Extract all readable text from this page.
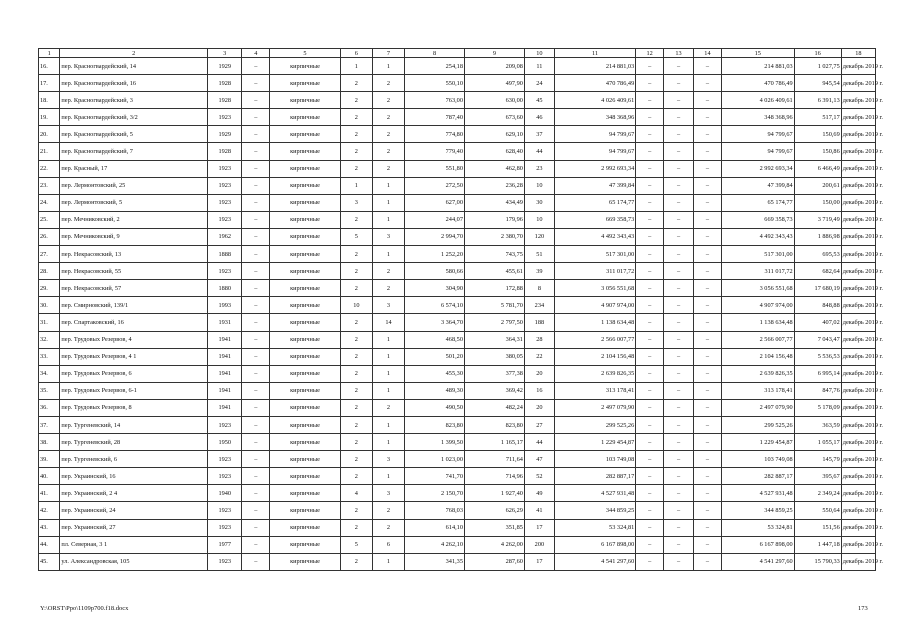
1	2	3	4	5	6	7	8	9	10	11	12	13	14	15	16	18
16.	пер. Красногвардейский, 14	1929	–	кирпичные	1	1	254,18	209,08	11	214 881,03	–	–	–	214 881,03	1 027,75	декабрь 2019 г.
17.	пер. Красногвардейский, 16	1928	–	кирпичные	2	2	550,10	497,90	24	470 786,49	–	–	–	470 786,49	945,54	декабрь 2019 г.
18.	пер. Красногвардейский, 3	1928	–	кирпичные	2	2	763,00	630,00	45	4 026 409,61	–	–	–	4 026 409,61	6 391,13	декабрь 2019 г.
19.	пер. Красногвардейский, 3/2	1923	–	кирпичные	2	2	787,40	673,60	46	348 368,96	–	–	–	348 368,96	517,17	декабрь 2019 г.
20.	пер. Красногвардейский, 5	1929	–	кирпичные	2	2	774,80	629,10	37	94 799,67	–	–	–	94 799,67	150,69	декабрь 2019 г.
21.	пер. Красногвардейский, 7	1928	–	кирпичные	2	2	779,40	628,40	44	94 799,67	–	–	–	94 799,67	150,86	декабрь 2019 г.
22.	пер. Красный, 17	1923	–	кирпичные	2	2	551,80	462,80	23	2 992 693,34	–	–	–	2 992 693,34	6 466,49	декабрь 2019 г.
23.	пер. Лермонтовский, 25	1923	–	кирпичные	1	1	272,50	236,28	10	47 399,84	–	–	–	47 399,84	200,61	декабрь 2019 г.
24.	пер. Лермонтовский, 5	1923	–	кирпичные	3	1	627,00	434,49	30	65 174,77	–	–	–	65 174,77	150,00	декабрь 2019 г.
25.	пер. Мечниковский, 2	1923	–	кирпичные	2	1	244,07	179,96	10	669 358,73	–	–	–	669 358,73	3 719,49	декабрь 2019 г.
26.	пер. Мечниковский, 9	1962	–	кирпичные	5	3	2 994,70	2 380,70	120	4 492 343,43	–	–	–	4 492 343,43	1 886,98	декабрь 2019 г.
27.	пер. Некрасовский, 13	1888	–	кирпичные	2	1	1 252,20	743,75	51	517 301,00	–	–	–	517 301,00	695,53	декабрь 2019 г.
28.	пер. Некрасовский, 55	1923	–	кирпичные	2	2	580,66	455,61	39	311 017,72	–	–	–	311 017,72	682,64	декабрь 2019 г.
29.	пер. Некрасовский, 57	1880	–	кирпичные	2	2	304,90	172,88	8	3 056 551,68	–	–	–	3 056 551,68	17 680,19	декабрь 2019 г.
30.	пер. Смирновский, 139/1	1993	–	кирпичные	10	3	6 574,10	5 781,70	234	4 907 974,00	–	–	–	4 907 974,00	848,88	декабрь 2019 г.
31.	пер. Спартаковский, 16	1931	–	кирпичные	2	14	3 364,70	2 797,50	188	1 138 634,48	–	–	–	1 138 634,48	407,02	декабрь 2019 г.
32.	пер. Трудовых Резервов, 4	1941	–	кирпичные	2	1	468,50	364,31	28	2 566 007,77	–	–	–	2 566 007,77	7 043,47	декабрь 2019 г.
33.	пер. Трудовых Резервов, 4 1	1941	–	кирпичные	2	1	501,20	380,05	22	2 104 156,48	–	–	–	2 104 156,48	5 536,53	декабрь 2019 г.
34.	пер. Трудовых Резервов, 6	1941	–	кирпичные	2	1	455,30	377,38	20	2 639 826,35	–	–	–	2 639 826,35	6 995,14	декабрь 2019 г.
35.	пер. Трудовых Резервов, 6-1	1941	–	кирпичные	2	1	489,30	369,42	16	313 178,41	–	–	–	313 178,41	847,76	декабрь 2019 г.
36.	пер. Трудовых Резервов, 8	1941	–	кирпичные	2	2	490,50	482,24	20	2 497 079,90	–	–	–	2 497 079,90	5 178,09	декабрь 2019 г.
37.	пер. Тургеневский, 14	1923	–	кирпичные	2	1	823,80	823,80	27	299 525,26	–	–	–	299 525,26	363,59	декабрь 2019 г.
38.	пер. Тургеневский, 28	1950	–	кирпичные	2	1	1 399,50	1 165,17	44	1 229 454,87	–	–	–	1 229 454,87	1 055,17	декабрь 2019 г.
39.	пер. Тургеневский, 6	1923	–	кирпичные	2	3	1 023,00	711,64	47	103 749,08	–	–	–	103 749,08	145,79	декабрь 2019 г.
40.	пер. Украинский, 16	1923	–	кирпичные	2	1	741,70	714,96	52	282 887,17	–	–	–	282 887,17	395,67	декабрь 2019 г.
41.	пер. Украинский, 2 4	1940	–	кирпичные	4	3	2 150,70	1 927,40	49	4 527 931,48	–	–	–	4 527 931,48	2 349,24	декабрь 2019 г.
42.	пер. Украинский, 24	1923	–	кирпичные	2	2	768,03	626,29	41	344 859,25	–	–	–	344 859,25	550,64	декабрь 2019 г.
43.	пер. Украинский, 27	1923	–	кирпичные	2	2	614,10	351,85	17	53 324,81	–	–	–	53 324,81	151,56	декабрь 2019 г.
44.	пл. Северная, 3 1	1977	–	кирпичные	5	6	4 262,10	4 262,00	200	6 167 898,00	–	–	–	6 167 898,00	1 447,18	декабрь 2019 г.
45.	ул. Александровская, 105	1923	–	кирпичные	2	1	341,35	287,60	17	4 541 297,60	–	–	–	4 541 297,60	15 790,33	декабрь 2019 г.
Y:\ORST\Ppo\1109p700.f18.docx	173
